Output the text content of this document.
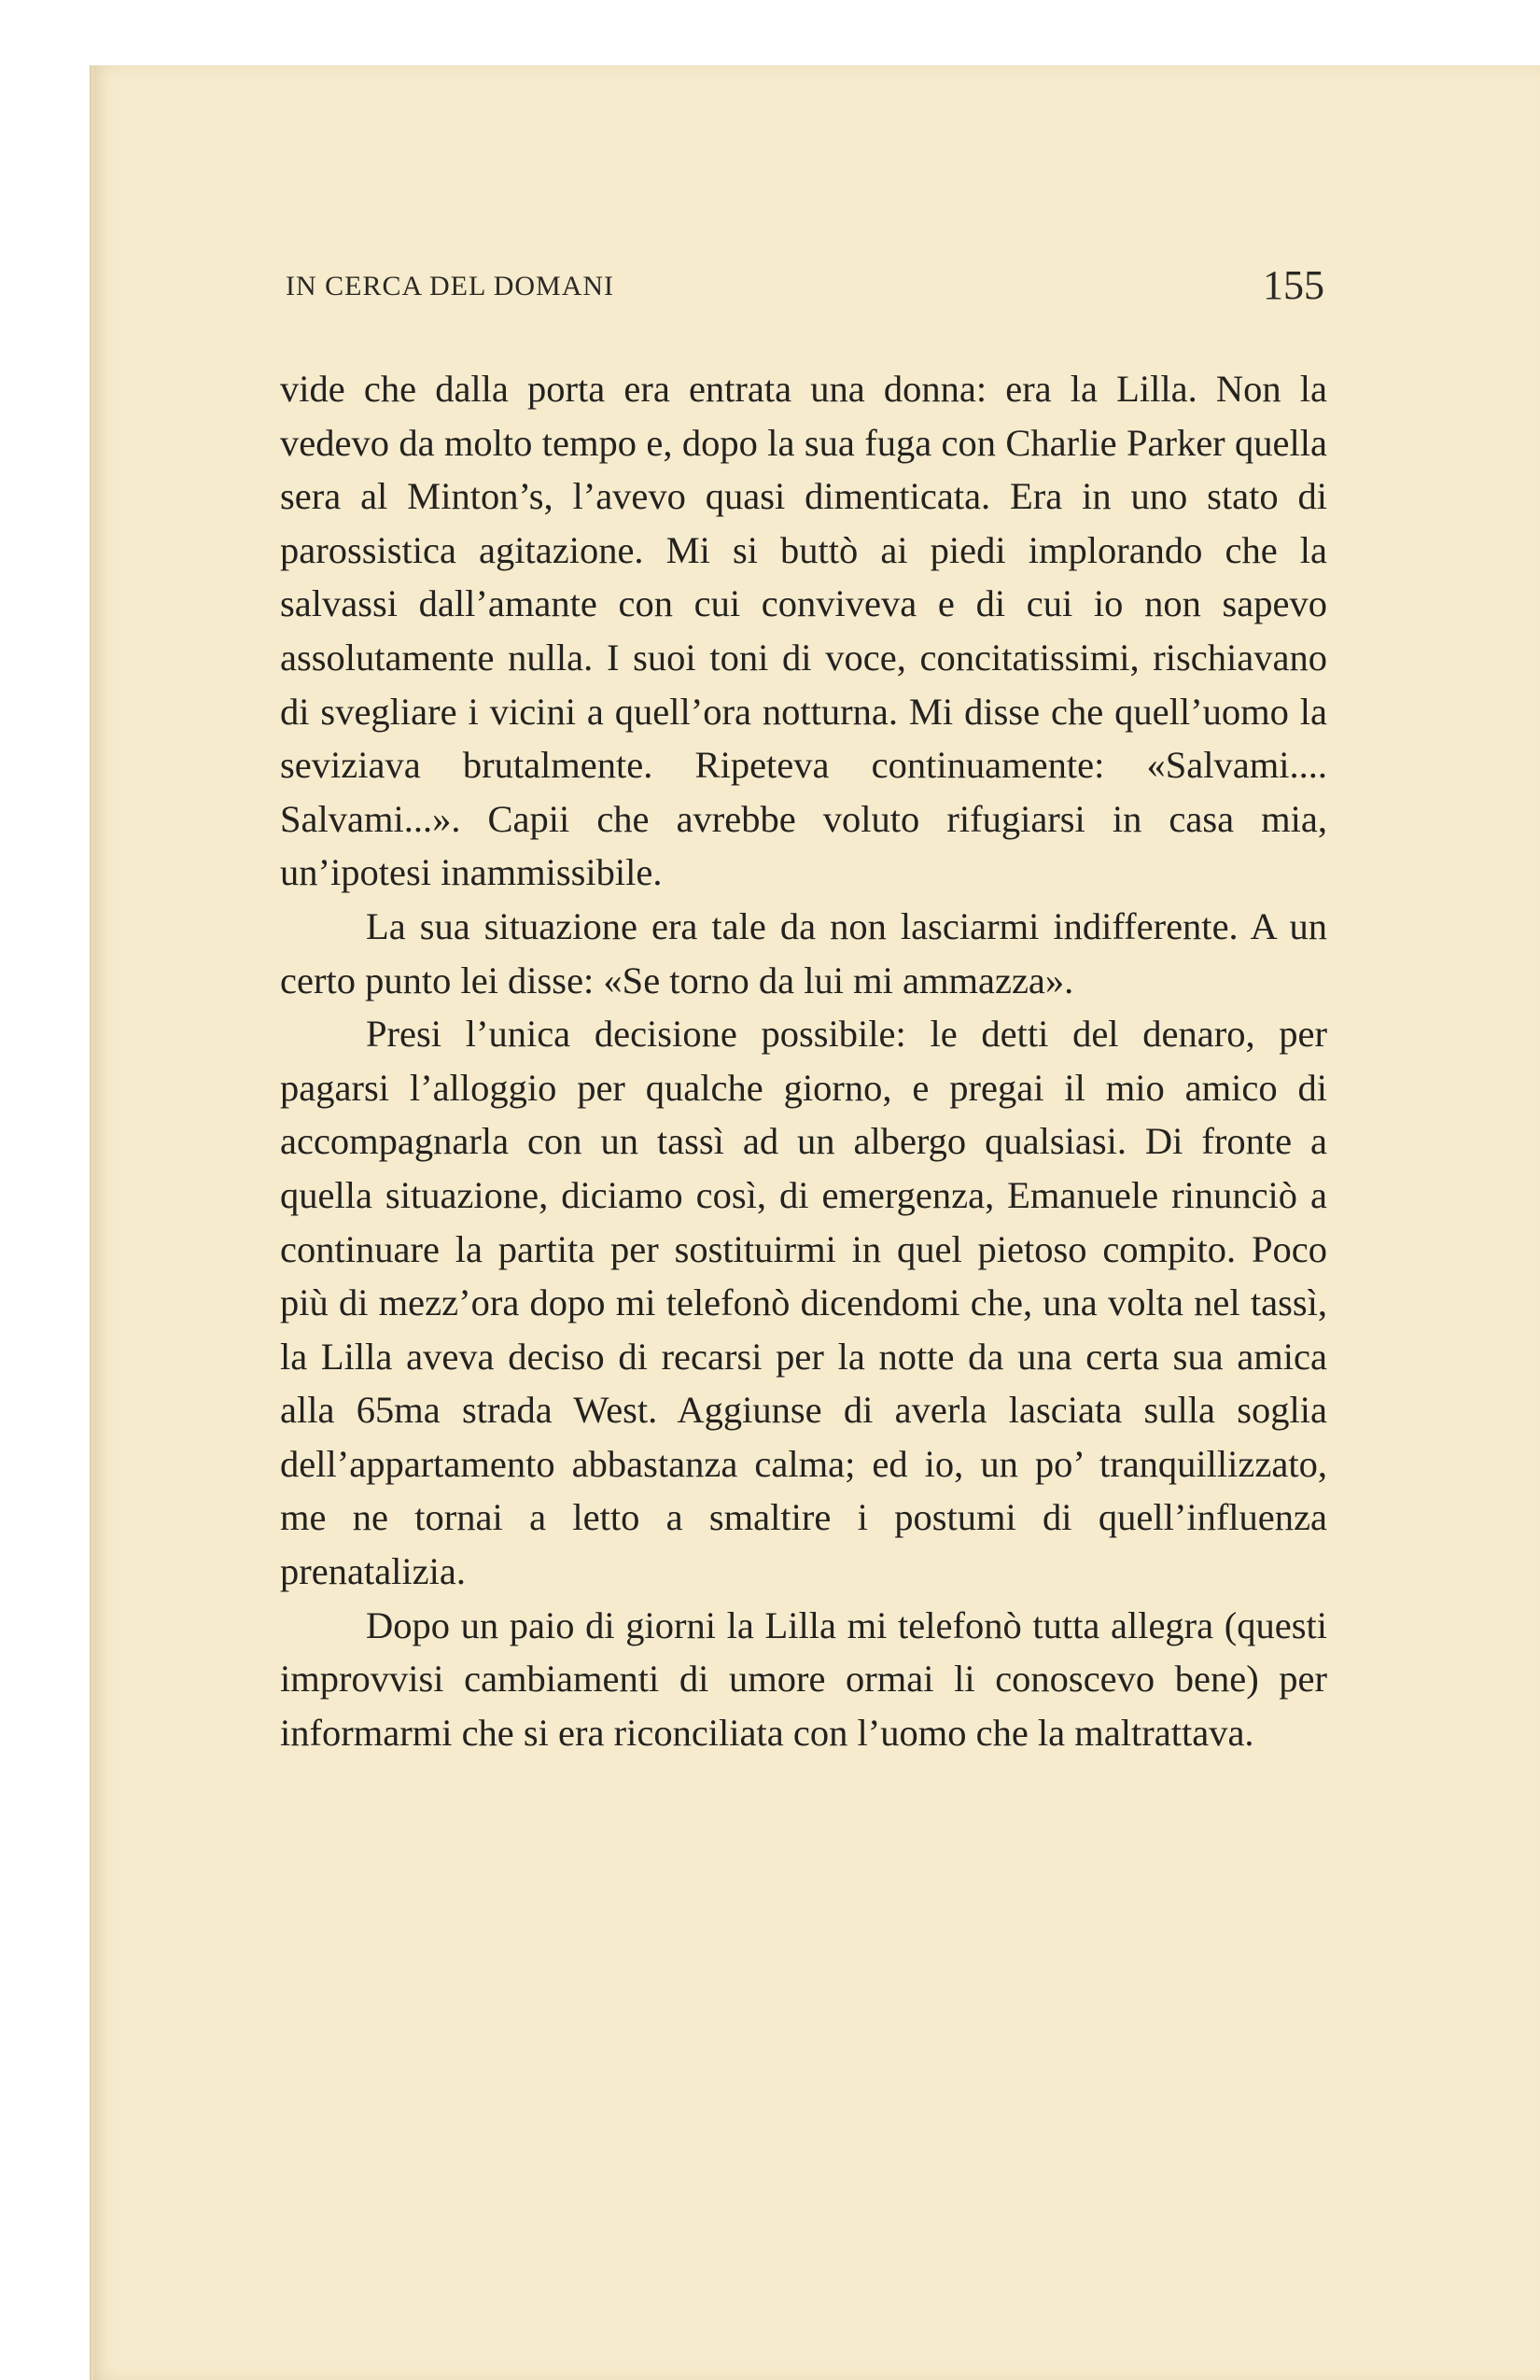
IN CERCA DEL DOMANI	155

vide che dalla porta era entrata una donna: era la Lilla. Non la vedevo da molto tempo e, dopo la sua fuga con Charlie Parker quella sera al Minton’s, l’avevo quasi dimenticata. Era in uno stato di parossistica agitazione. Mi si buttò ai piedi implorando che la salvassi dall’amante con cui conviveva e di cui io non sapevo assolutamente nulla. I suoi toni di voce, concitatissimi, rischiavano di svegliare i vicini a quell’ora notturna. Mi disse che quell’uomo la seviziava brutalmente. Ripeteva continuamente: «Salvami.... Salvami...». Capii che avrebbe voluto rifugiarsi in casa mia, un’ipotesi inammissibile.

La sua situazione era tale da non lasciarmi indifferente. A un certo punto lei disse: «Se torno da lui mi ammazza».

Presi l’unica decisione possibile: le detti del denaro, per pagarsi l’alloggio per qualche giorno, e pregai il mio amico di accompagnarla con un tassì ad un albergo qualsiasi. Di fronte a quella situazione, diciamo così, di emergenza, Emanuele rinunciò a continuare la partita per sostituirmi in quel pietoso compito. Poco più di mezz’ora dopo mi telefonò dicendomi che, una volta nel tassì, la Lilla aveva deciso di recarsi per la notte da una certa sua amica alla 65ma strada West. Aggiunse di averla lasciata sulla soglia dell’appartamento abbastanza calma; ed io, un po’ tranquillizzato, me ne tornai a letto a smaltire i postumi di quell’influenza prenatalizia.

Dopo un paio di giorni la Lilla mi telefonò tutta allegra (questi improvvisi cambiamenti di umore ormai li conoscevo bene) per informarmi che si era riconciliata con l’uomo che la maltrattava.
